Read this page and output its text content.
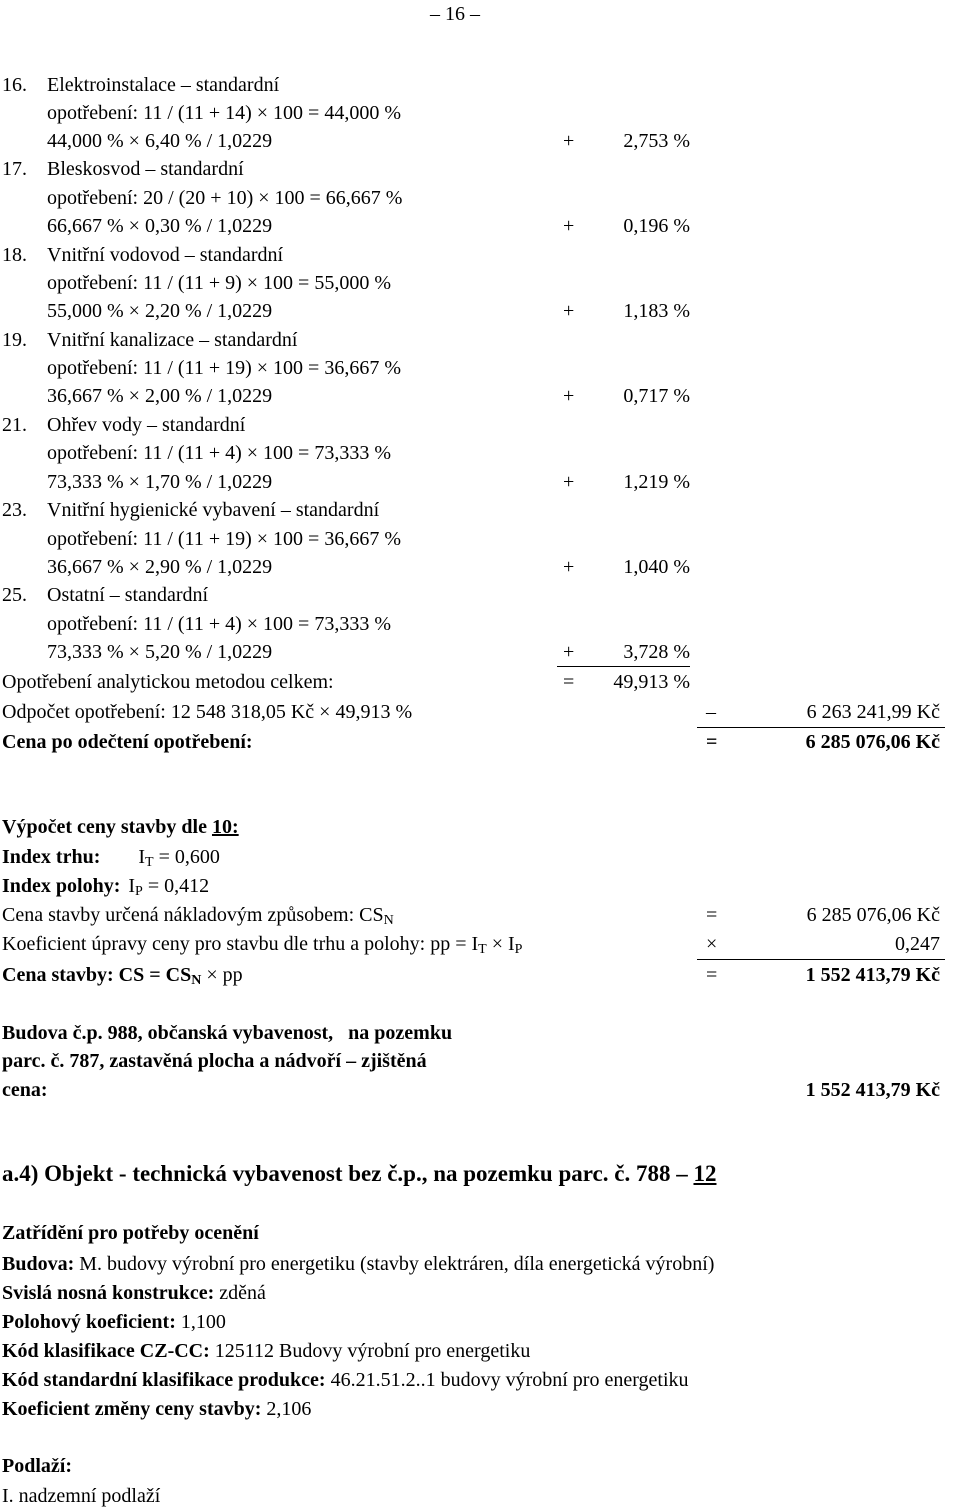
– 16 –
16. Elektroinstalace – standardní
opotřebení: 11 / (11 + 14) × 100 = 44,000 %
44,000 % × 6,40 % / 1,0229	+	2,753 %
17. Bleskosvod – standardní
opotřebení: 20 / (20 + 10) × 100 = 66,667 %
66,667 % × 0,30 % / 1,0229	+	0,196 %
18. Vnitřní vodovod – standardní
opotřebení: 11 / (11 + 9) × 100 = 55,000 %
55,000 % × 2,20 % / 1,0229	+	1,183 %
19. Vnitřní kanalizace – standardní
opotřebení: 11 / (11 + 19) × 100 = 36,667 %
36,667 % × 2,00 % / 1,0229	+	0,717 %
21. Ohřev vody – standardní
opotřebení: 11 / (11 + 4) × 100 = 73,333 %
73,333 % × 1,70 % / 1,0229	+	1,219 %
23. Vnitřní hygienické vybavení – standardní
opotřebení: 11 / (11 + 19) × 100 = 36,667 %
36,667 % × 2,90 % / 1,0229	+	1,040 %
25. Ostatní – standardní
opotřebení: 11 / (11 + 4) × 100 = 73,333 %
73,333 % × 5,20 % / 1,0229	+	3,728 %
Opotřebení analytickou metodou celkem:	=	49,913 %
Odpočet opotřebení: 12 548 318,05 Kč × 49,913 %	–	6 263 241,99 Kč
Cena po odečtení opotřebení:	=	6 285 076,06 Kč
Výpočet ceny stavby dle 10:
Index trhu: $I_T = 0,600$
Index polohy: $I_P = 0,412$
Cena stavby určená nákladovým způsobem: $CS_N$	=	6 285 076,06 Kč
Koeficient úpravy ceny pro stavbu dle trhu a polohy: pp = $I_T \times I_P$	×	0,247
Cena stavby: CS = $CS_N$ × pp	=	1 552 413,79 Kč
Budova č.p. 988, občanská vybavenost,   na pozemku
parc. č. 787, zastavěná plocha a nádvoří – zjištěná
cena:	1 552 413,79 Kč
a.4) Objekt - technická vybavenost bez č.p., na pozemku parc. č. 788 – 12
Zatřídění pro potřeby ocenění
Budova: M. budovy výrobní pro energetiku (stavby elektráren, díla energetická výrobní)
Svislá nosná konstrukce: zděná
Polohový koeficient: 1,100
Kód klasifikace CZ-CC: 125112 Budovy výrobní pro energetiku
Kód standardní klasifikace produkce: 46.21.51.2..1 budovy výrobní pro energetiku
Koeficient změny ceny stavby: 2,106
Podlaží:
I. nadzemní podlaží
